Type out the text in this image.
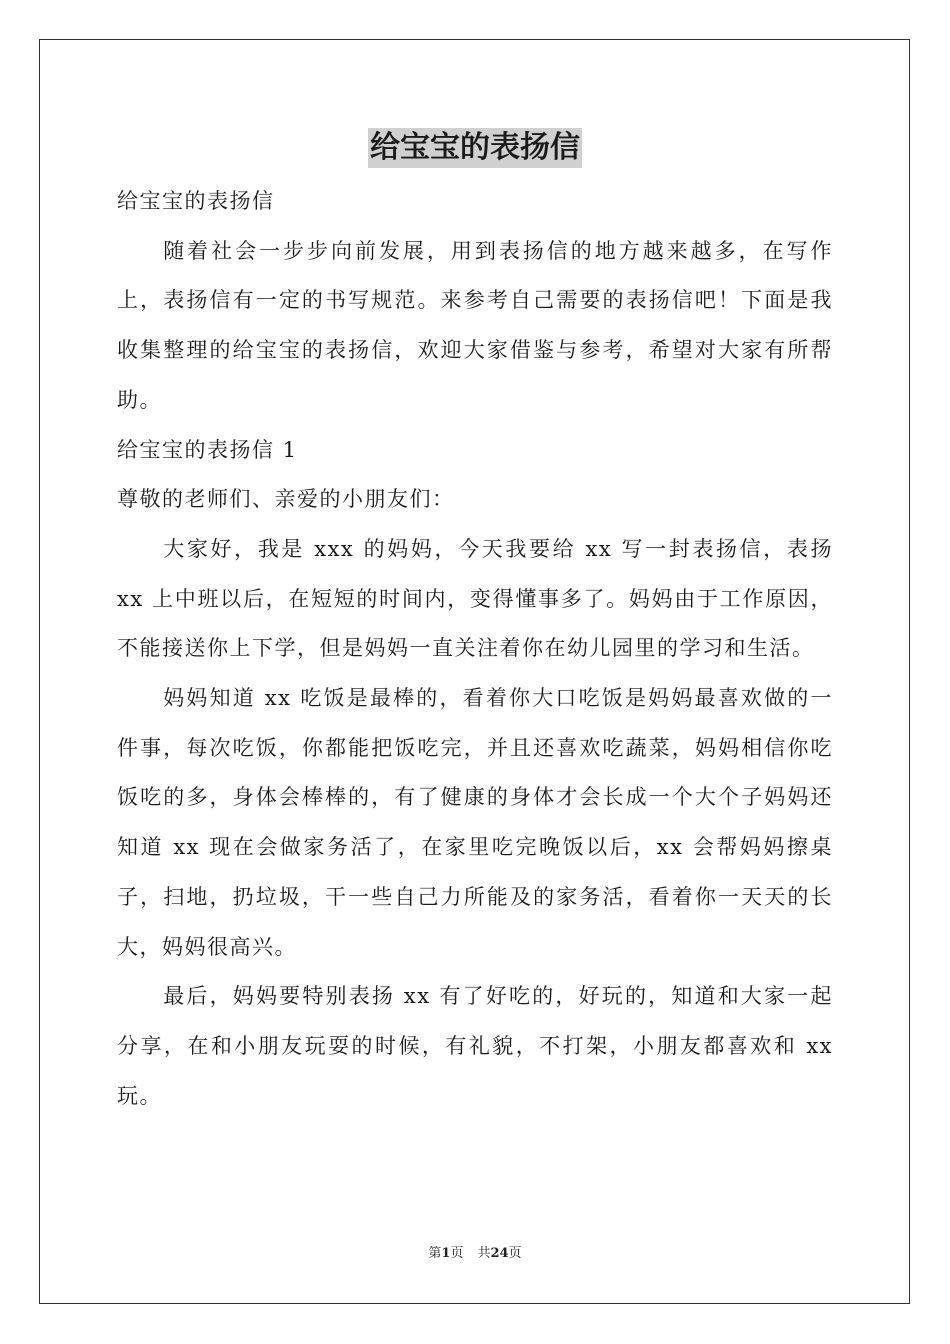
给宝宝的表扬信

给宝宝的表扬信

随着社会一步步向前发展，用到表扬信的地方越来越多，在写作上，表扬信有一定的书写规范。来参考自己需要的表扬信吧！下面是我收集整理的给宝宝的表扬信，欢迎大家借鉴与参考，希望对大家有所帮助。

给宝宝的表扬信 1

尊敬的老师们、亲爱的小朋友们：

大家好，我是 xxx 的妈妈，今天我要给 xx 写一封表扬信，表扬 xx 上中班以后，在短短的时间内，变得懂事多了。妈妈由于工作原因，不能接送你上下学，但是妈妈一直关注着你在幼儿园里的学习和生活。

妈妈知道 xx 吃饭是最棒的，看着你大口吃饭是妈妈最喜欢做的一件事，每次吃饭，你都能把饭吃完，并且还喜欢吃蔬菜，妈妈相信你吃饭吃的多，身体会棒棒的，有了健康的身体才会长成一个大个子妈妈还知道 xx 现在会做家务活了，在家里吃完晚饭以后，xx 会帮妈妈擦桌子，扫地，扔垃圾，干一些自己力所能及的家务活，看着你一天天的长大，妈妈很高兴。

最后，妈妈要特别表扬 xx 有了好吃的，好玩的，知道和大家一起分享，在和小朋友玩耍的时候，有礼貌，不打架，小朋友都喜欢和 xx 玩。

第1页 共24页
